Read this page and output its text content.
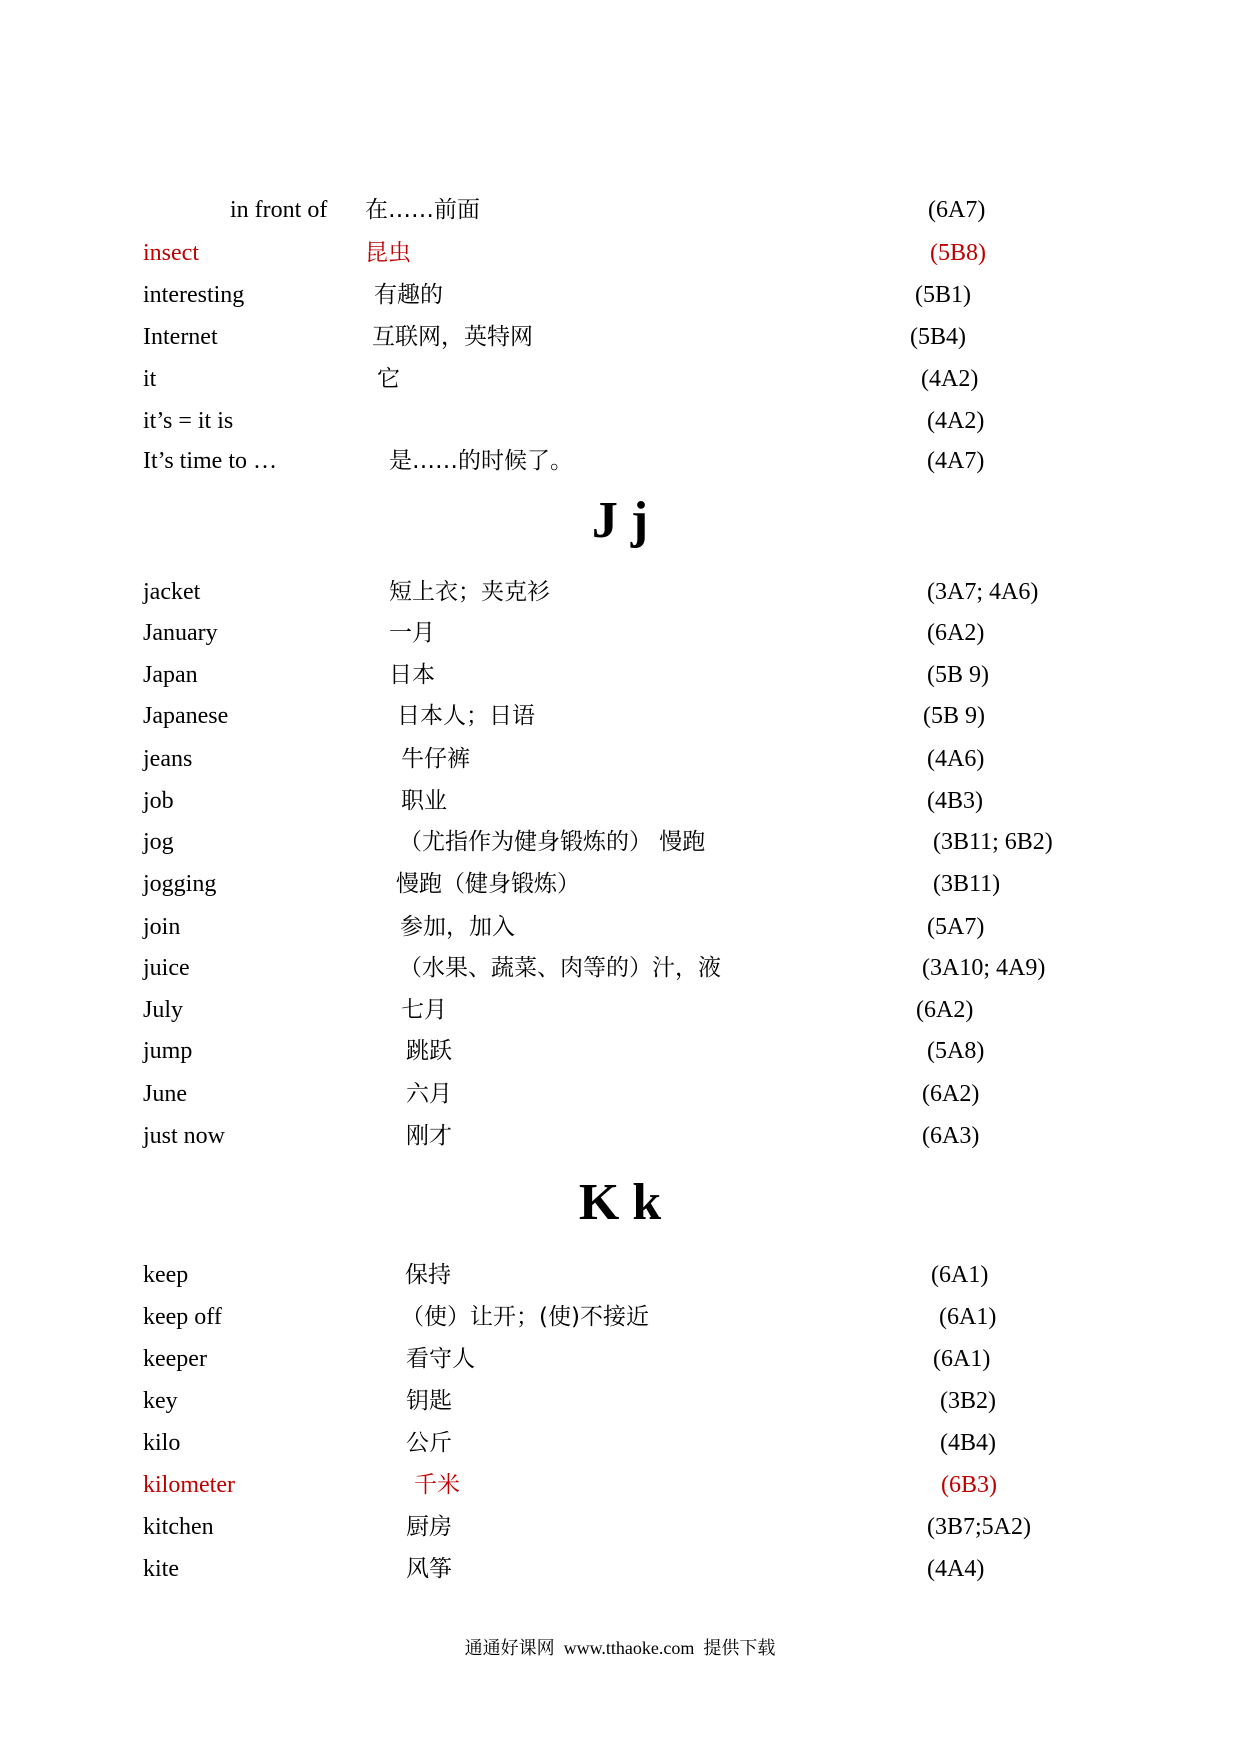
in front of 在……前面	(6A7)
insect	昆虫	(5B8)
interesting	有趣的	(5B1)
Internet	互联网，英特网	(5B4)
it	它	(4A2)
it’s = it is	(4A2)
It’s time to …	是……的时候了。	(4A7)
J j
jacket	短上衣；夹克衫	(3A7; 4A6)
January	一月	(6A2)
Japan	日本	(5B 9)
Japanese	日本人；日语	(5B 9)
jeans	牛仔裤	(4A6)
job	职业	(4B3)
jog	（尤指作为健身锻炼的） 慢跑	(3B11; 6B2)
jogging	慢跑（健身锻炼）	(3B11)
join	参加，加入	(5A7)
juice	（水果、蔬菜、肉等的）汁，液	(3A10; 4A9)
July	七月	(6A2)
jump	跳跃	(5A8)
June	六月	(6A2)
just now	刚才	(6A3)
K k
keep	保持	(6A1)
keep off	（使）让开；(使)不接近	(6A1)
keeper	看守人	(6A1)
key	钥匙	(3B2)
kilo	公斤	(4B4)
kilometer	千米	(6B3)
kitchen	厨房	(3B7;5A2)
kite	风筝	(4A4)
通通好课网  www.tthaoke.com  提供下载
